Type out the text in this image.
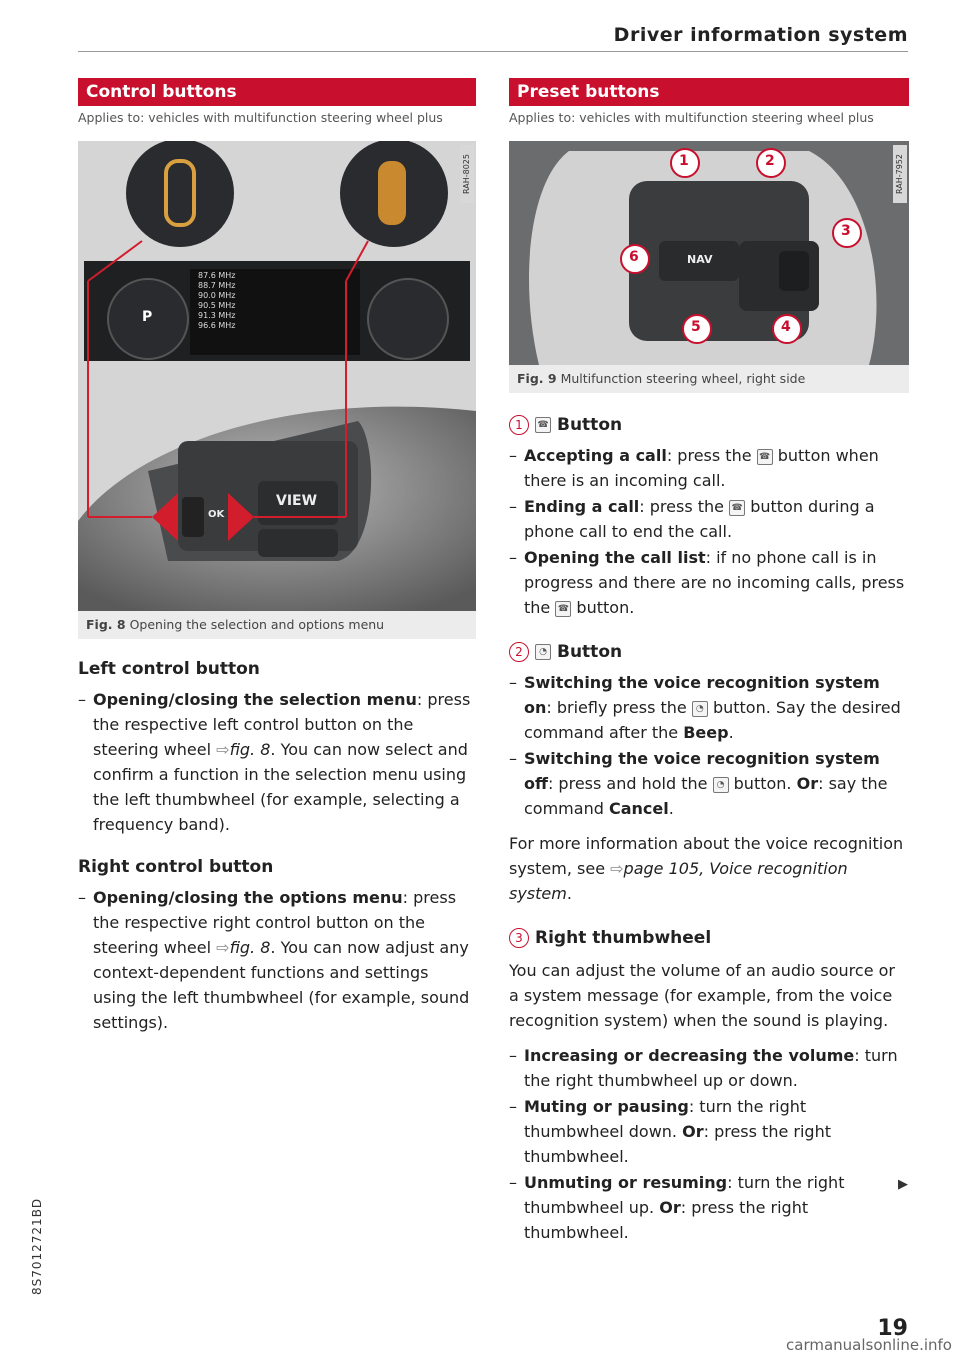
Driver information system
Control buttons
Applies to: vehicles with multifunction steering wheel plus
87.6 MHz
88.7 MHz
90.0 MHz
90.5 MHz
91.3 MHz
96.6 MHz
P
VIEW
OK
RAH-8025
Fig. 8 Opening the selection and options menu
Left control button
– Opening/closing the selection menu: press the respective left control button on the steering wheel ⇨fig. 8. You can now select and confirm a function in the selection menu using the left thumbwheel (for example, selecting a frequency band).
Right control button
– Opening/closing the options menu: press the respective right control button on the steering wheel ⇨fig. 8. You can now adjust any context-dependent functions and settings using the left thumbwheel (for example, sound settings).
Preset buttons
Applies to: vehicles with multifunction steering wheel plus
1	2
3
4
5
6	NAV
RAH-7952
Fig. 9 Multifunction steering wheel, right side
1	☎ Button
– Accepting a call: press the ☎ button when there is an incoming call.
– Ending a call: press the ☎ button during a phone call to end the call.
– Opening the call list: if no phone call is in progress and there are no incoming calls, press the ☎ button.
2	◔ Button
– Switching the voice recognition system on: briefly press the ◔ button. Say the desired command after the Beep.
– Switching the voice recognition system off: press and hold the ◔ button. Or: say the command Cancel.

For more information about the voice recognition system, see ⇨page 105, Voice recognition system.

3 Right thumbwheel

You can adjust the volume of an audio source or a system message (for example, from the voice recognition system) when the sound is playing.

– Increasing or decreasing the volume: turn the right thumbwheel up or down.
– Muting or pausing: turn the right thumbwheel down. Or: press the right thumbwheel.
– Unmuting or resuming: turn the right thumbwheel up. Or: press the right thumbwheel.
▶
8S7012721BD
19
carmanualsonline.info
